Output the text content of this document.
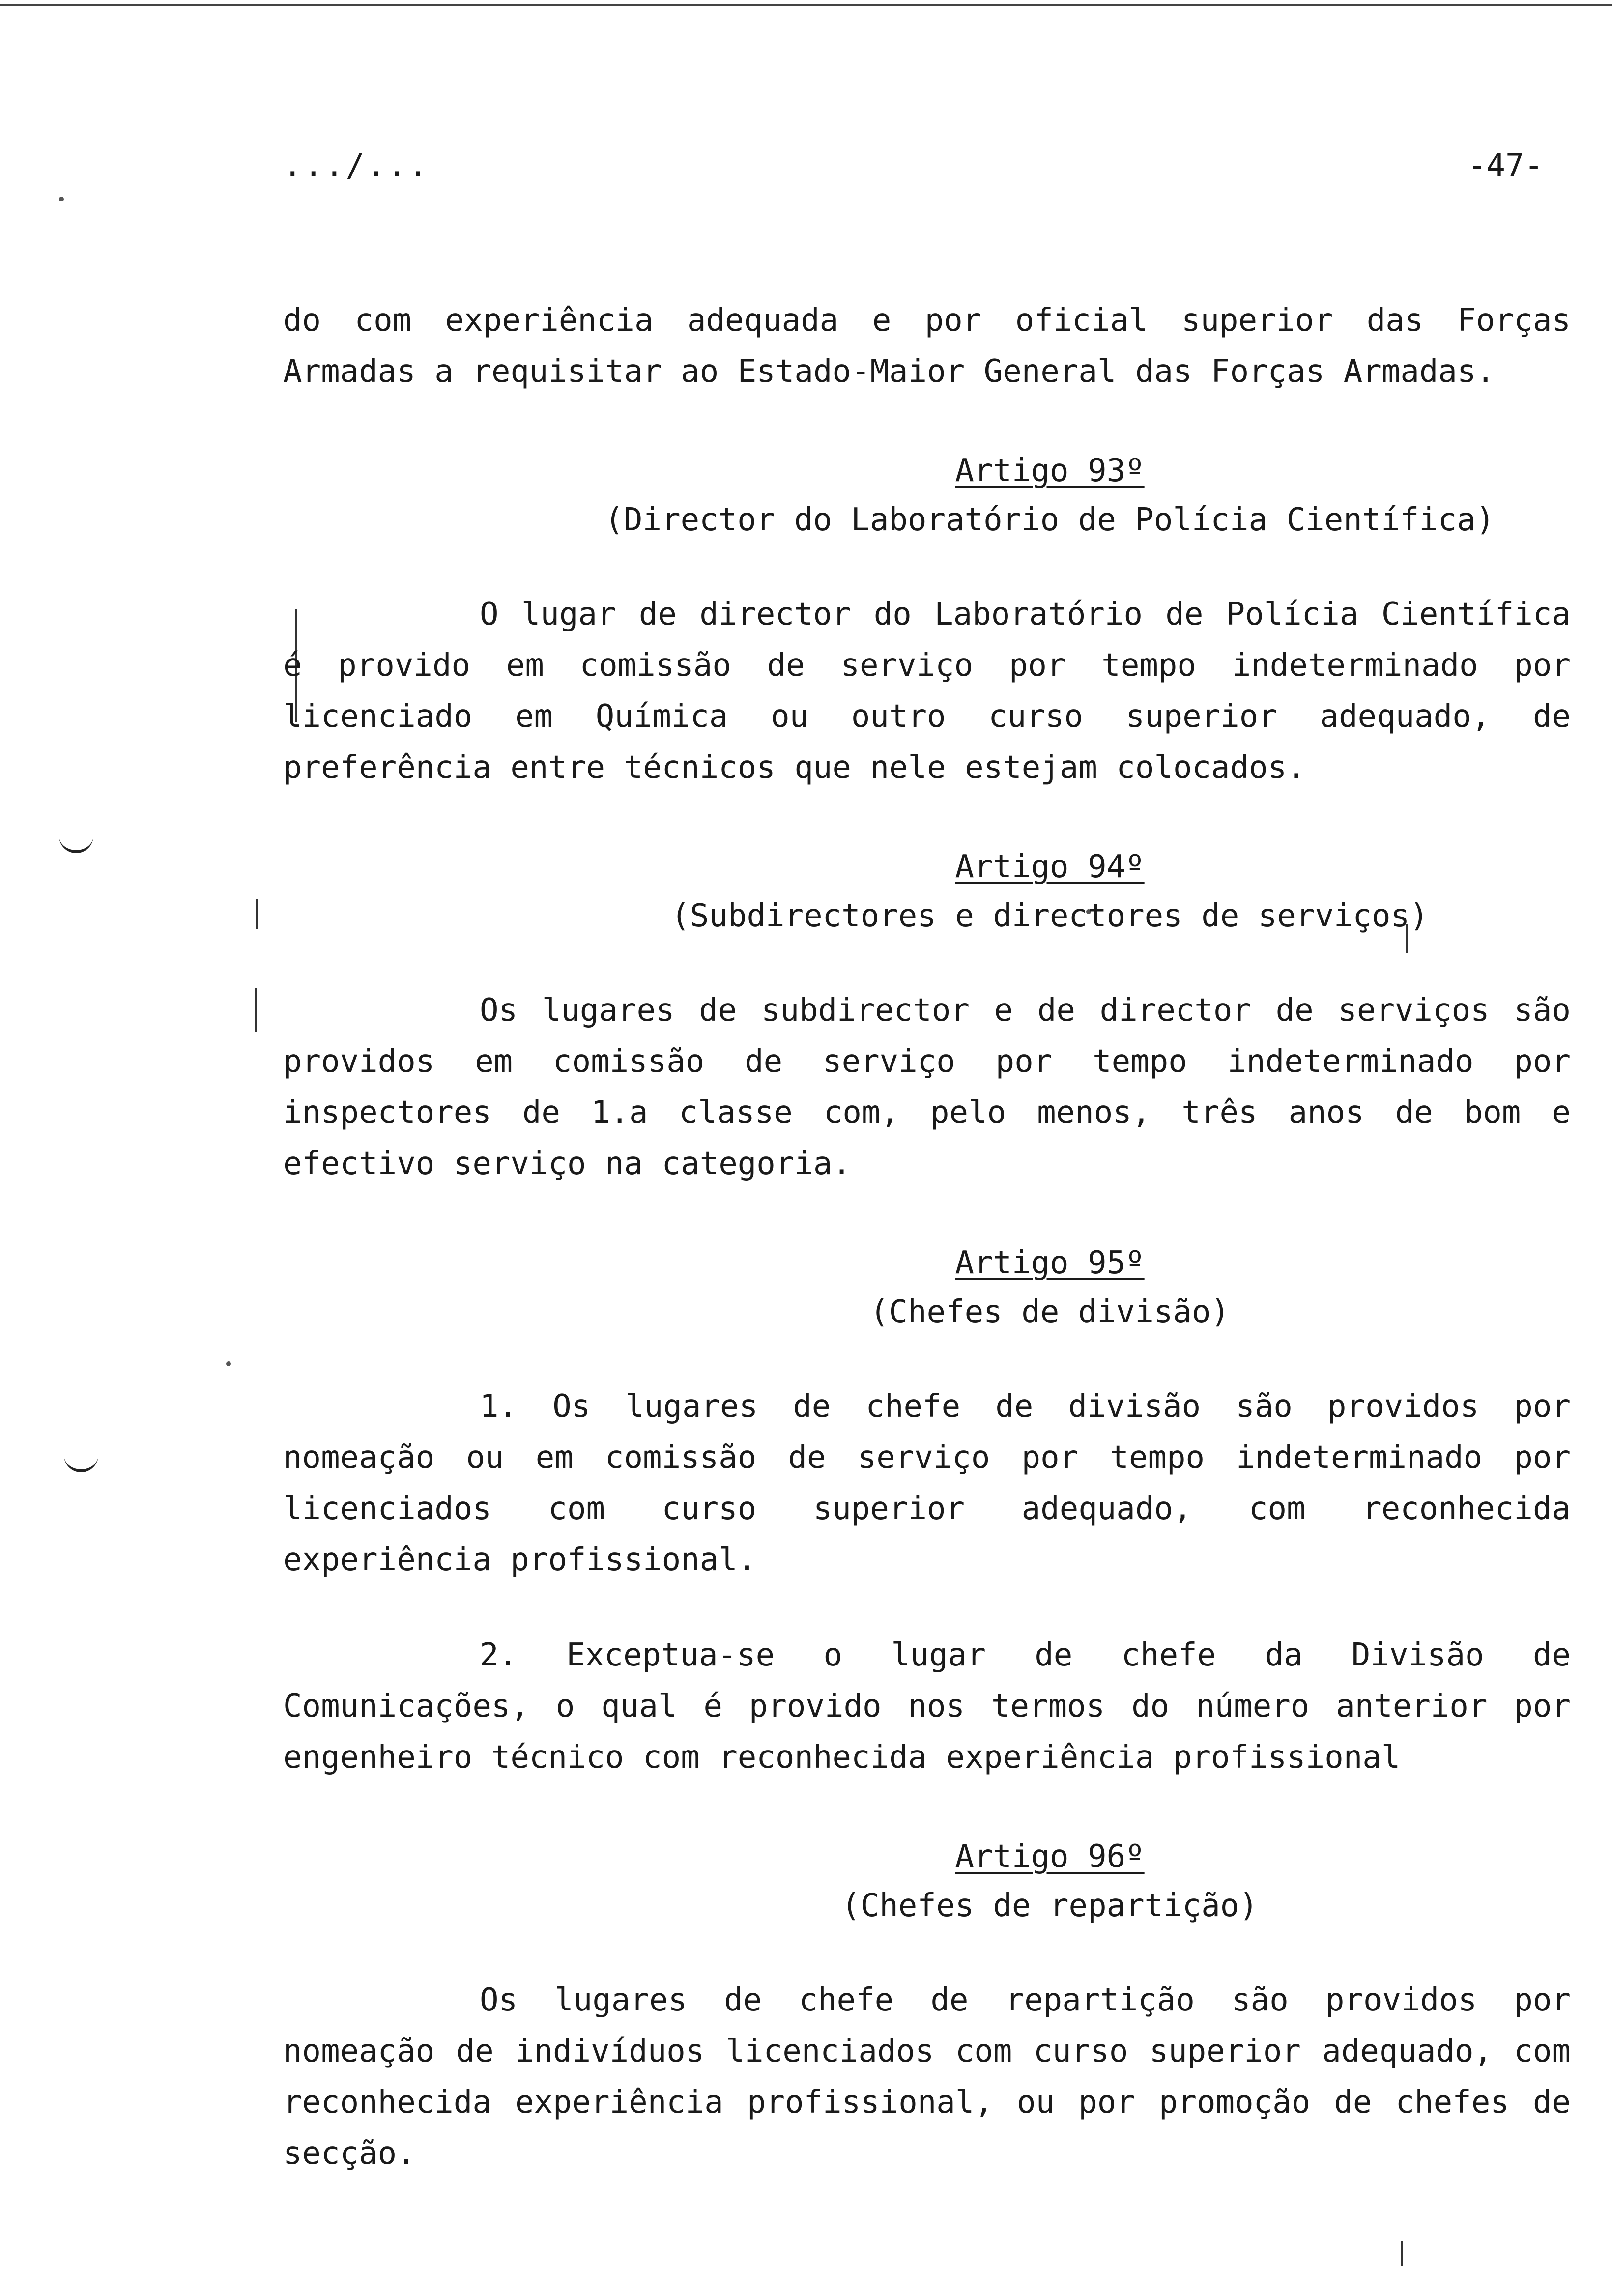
.../...	-47-

do com experiência adequada e por oficial superior das Forças Armadas a requisitar ao Estado-Maior General das Forças Armadas.

Artigo 93º

(Director do Laboratório de Polícia Científica)

O lugar de director do Laboratório de Polícia Científica é provido em comissão de serviço por tempo indeterminado por licenciado em Química ou outro curso superior adequado, de preferência entre técnicos que nele estejam colocados.

Artigo 94º

(Subdirectores e directores de serviços)

Os lugares de subdirector e de director de serviços são providos em comissão de serviço por tempo indeterminado por inspectores de 1.a classe com, pelo menos, três anos de bom e efectivo serviço na categoria.

Artigo 95º

(Chefes de divisão)

1. Os lugares de chefe de divisão são providos por nomeação ou em comissão de serviço por tempo indeterminado por licenciados com curso superior adequado, com reconhecida experiência profissional.

2. Exceptua-se o lugar de chefe da Divisão de Comunicações, o qual é provido nos termos do número anterior por engenheiro técnico com reconhecida experiência profissional

Artigo 96º

(Chefes de repartição)

Os lugares de chefe de repartição são providos por nomeação de indivíduos licenciados com curso superior adequado, com reconhecida experiência profissional, ou por promoção de chefes de secção.
